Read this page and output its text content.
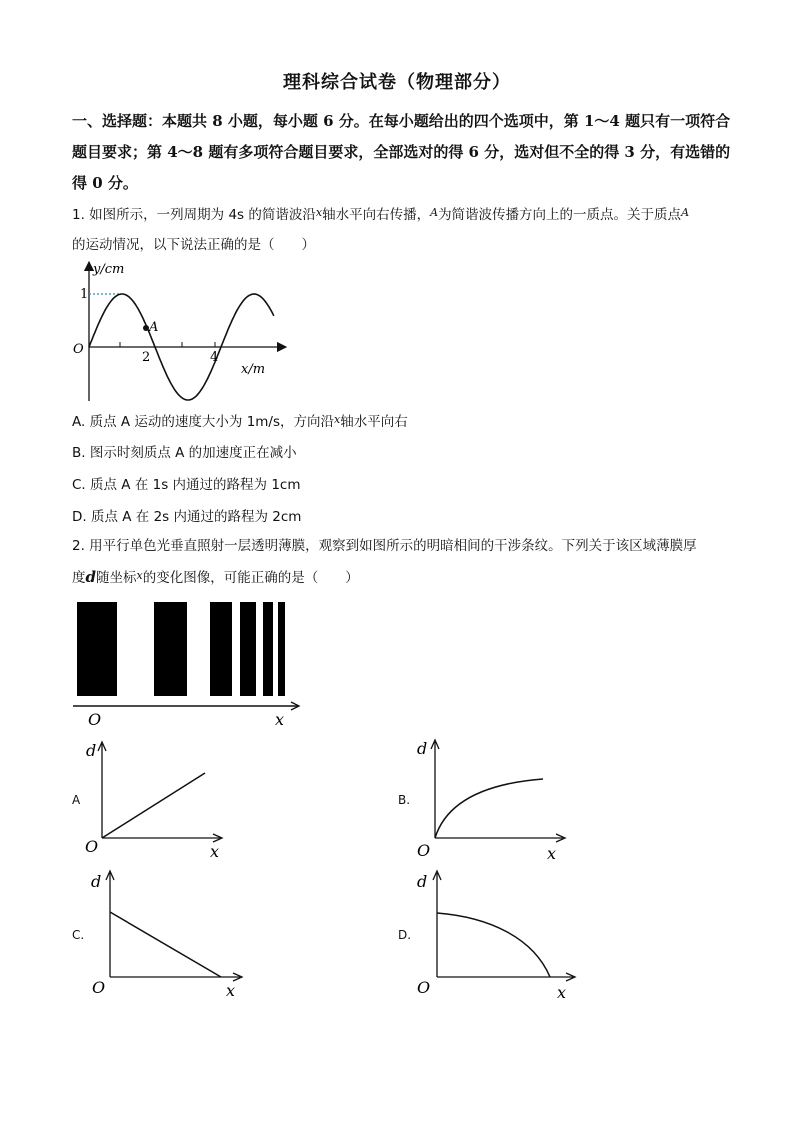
理科综合试卷（物理部分）
一、选择题：本题共 8 小题，每小题 6 分。在每小题给出的四个选项中，第 1～4 题只有一项符合题目要求；第 4～8 题有多项符合题目要求，全部选对的得 6 分，选对但不全的得 3 分，有选错的得 0 分。
1. 如图所示，一列周期为 4s 的简谐波沿$^x$轴水平向右传播，$^A$为简谐波传播方向上的一质点。关于质点$^A$
的运动情况，以下说法正确的是（　　）
A
y/cm
x/m
O
1
2	4
A. 质点 A 运动的速度大小为 1m/s，方向沿$^x$轴水平向右
B. 图示时刻质点 A 的加速度正在减小
C. 质点 A 在 1s 内通过的路程为 1cm
D. 质点 A 在 2s 内通过的路程为 2cm
2. 用平行单色光垂直照射一层透明薄膜，观察到如图所示的明暗相间的干涉条纹。下列关于该区域薄膜厚
度d随坐标$^x$的变化图像，可能正确的是（　　）
O	x
A
d
O	x
B.
d
O	x
C.
d
O	x
D.
d
O	x
